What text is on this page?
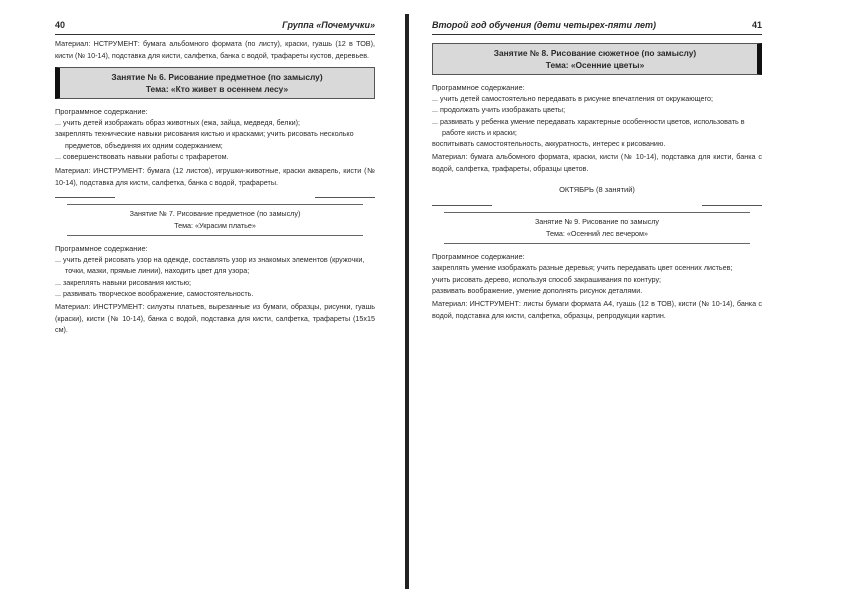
40	Группа «Почемучки»

Материал: НСТРУМЕНТ: бумага альбомного формата (по листу), краски, гуашь (12 в ТОВ), кисти (№ 10-14), подставка для кисти, салфетка, банка с водой, трафареты кустов, деревьев.

Занятие № 6. Рисование предметное (по замыслу)
Тема: «Кто живет в осеннем лесу»

Программное содержание:

... учить детей изображать образ животных (ежа, зайца, медведя, белки);

закреплять технические навыки рисования кистью и красками; учить рисовать несколько предметов, объединяя их одним содержанием;

... совершенствовать навыки работы с трафаретом.

Материал: ИНСТРУМЕНТ: бумага (12 листов), игрушки-животные, краски акварель, кисти (№ 10-14), подставка для кисти, салфетка, банка с водой, трафареты.

Занятие № 7. Рисование предметное (по замыслу)
Тема: «Украсим платье»

Программное содержание:

... учить детей рисовать узор на одежде, составлять узор из знакомых элементов (кружочки, точки, мазки, прямые линии), находить цвет для узора;

... закреплять навыки рисования кистью;

... развивать творческое воображение, самостоятельность.

Материал: ИНСТРУМЕНТ: силуэты платьев, вырезанные из бумаги, образцы, рисунки, гуашь (краски), кисти (№ 10-14), банка с водой, подставка для кисти, салфетка, трафареты (15х15 см).

Второй год обучения (дети четырех-пяти лет)	41
Занятие № 8. Рисование сюжетное (по замыслу)
Тема: «Осенние цветы»

Программное содержание:

... учить детей самостоятельно передавать в рисунке впечатления от окружающего;

... продолжать учить изображать цветы;

... развивать у ребенка умение передавать характерные особенности цветов, использовать в работе кисть и краски;

воспитывать самостоятельность, аккуратность, интерес к рисованию.

Материал: бумага альбомного формата, краски, кисти (№ 10-14), подставка для кисти, банка с водой, салфетка, трафареты, образцы цветов.

ОКТЯБРЬ (8 занятий)

Занятие № 9. Рисование по замыслу
Тема: «Осенний лес вечером»

Программное содержание:

закреплять умение изображать разные деревья; учить передавать цвет осенних листьев;

учить рисовать дерево, используя способ закрашивания по контуру;

развивать воображение, умение дополнять рисунок деталями.

Материал: ИНСТРУМЕНТ: листы бумаги формата А4, гуашь (12 в ТОВ), кисти (№ 10-14), банка с водой, подставка для кисти, салфетка, образцы, репродукции картин.
